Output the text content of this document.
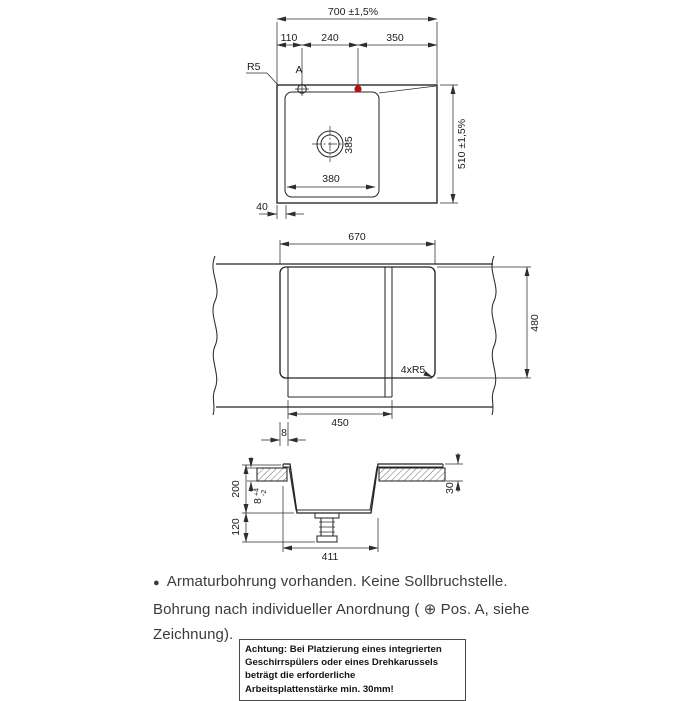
700 ±1,5%
110 240	350
R5	A
385
380
510 ±1,5%
40
670
4xR5
480
450
8
200
120
8
+4 -2	30
411
● Armaturbohrung vorhanden. Keine Sollbruchstelle.
Bohrung nach individueller Anordnung ( ⊕ Pos. A, siehe
Zeichnung).
Achtung: Bei Platzierung eines integrierten
Geschirrspülers oder eines Drehkarussels
beträgt die erforderliche
Arbeitsplattenstärke min. 30mm!
